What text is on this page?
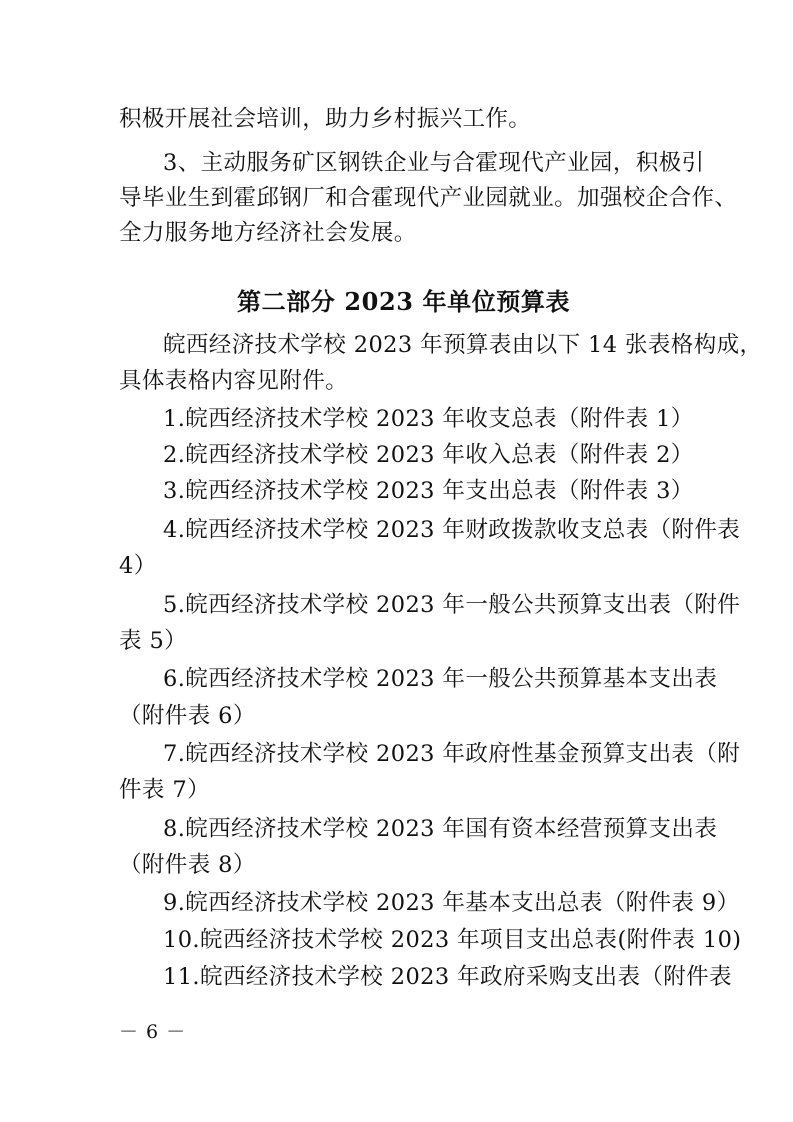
积极开展社会培训，助力乡村振兴工作。
3、主动服务矿区钢铁企业与合霍现代产业园，积极引
导毕业生到霍邱钢厂和合霍现代产业园就业。加强校企合作、
全力服务地方经济社会发展。
第二部分 2023 年单位预算表
皖西经济技术学校 2023 年预算表由以下 14 张表格构成，
具体表格内容见附件。
1.皖西经济技术学校 2023 年收支总表（附件表 1）
2.皖西经济技术学校 2023 年收入总表（附件表 2）
3.皖西经济技术学校 2023 年支出总表（附件表 3）
4.皖西经济技术学校 2023 年财政拨款收支总表（附件表
4）
5.皖西经济技术学校 2023 年一般公共预算支出表（附件
表 5）
6.皖西经济技术学校 2023 年一般公共预算基本支出表
（附件表 6）
7.皖西经济技术学校 2023 年政府性基金预算支出表（附
件表 7）
8.皖西经济技术学校 2023 年国有资本经营预算支出表
（附件表 8）
9.皖西经济技术学校 2023 年基本支出总表（附件表 9）
10.皖西经济技术学校 2023 年项目支出总表(附件表 10)
11.皖西经济技术学校 2023 年政府采购支出表（附件表
－ 6 －
